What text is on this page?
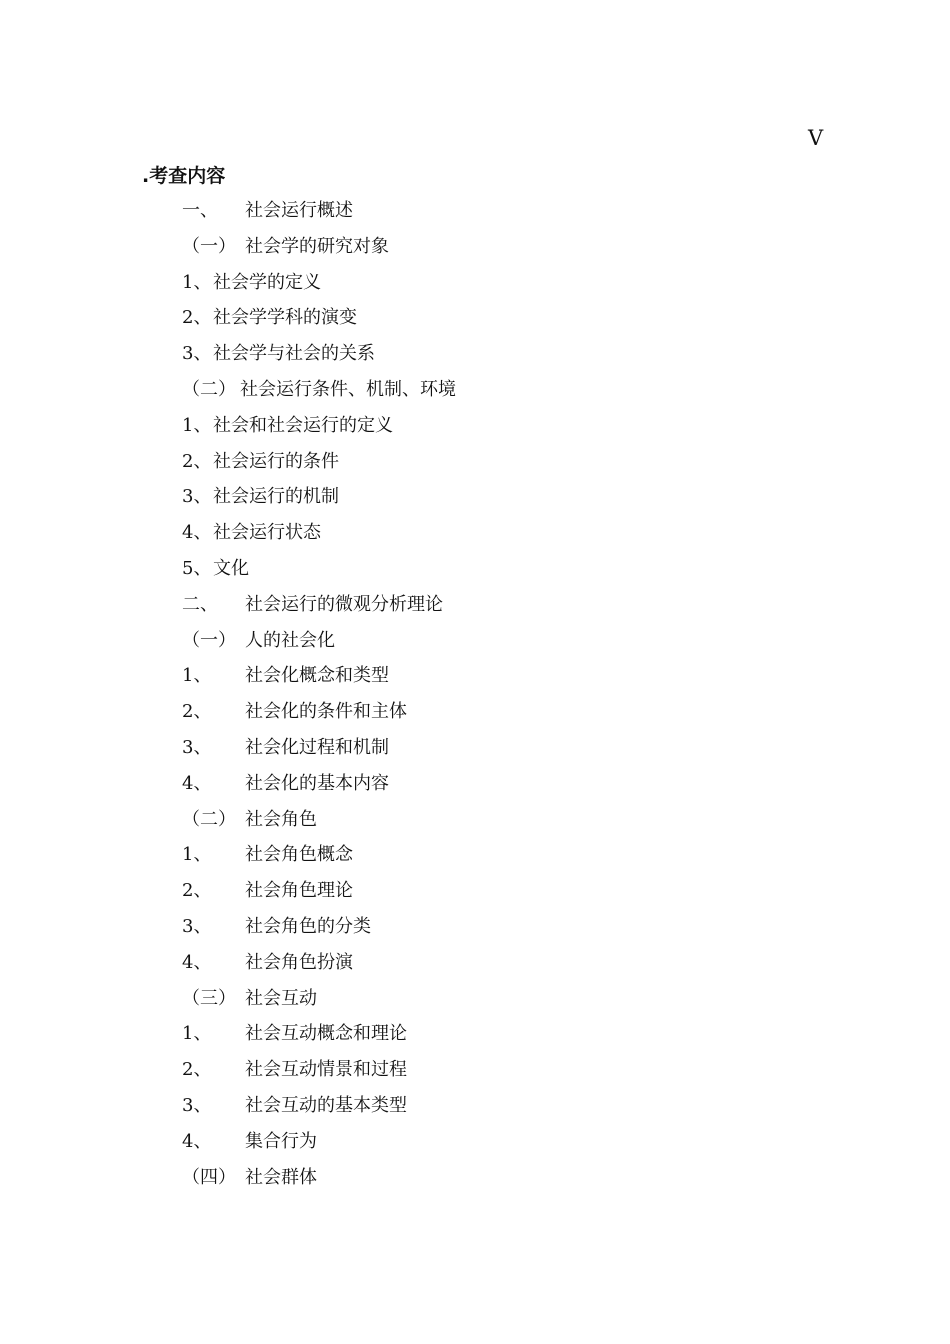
V
.考查内容
一、 社会运行概述
（一） 社会学的研究对象
1、 社会学的定义
2、 社会学学科的演变
3、 社会学与社会的关系
（二） 社会运行条件、机制、环境
1、 社会和社会运行的定义
2、 社会运行的条件
3、 社会运行的机制
4、 社会运行状态
5、 文化
二、 社会运行的微观分析理论
（一） 人的社会化
1、 社会化概念和类型
2、 社会化的条件和主体
3、 社会化过程和机制
4、 社会化的基本内容
（二） 社会角色
1、 社会角色概念
2、 社会角色理论
3、 社会角色的分类
4、 社会角色扮演
（三） 社会互动
1、 社会互动概念和理论
2、 社会互动情景和过程
3、 社会互动的基本类型
4、 集合行为
（四） 社会群体
